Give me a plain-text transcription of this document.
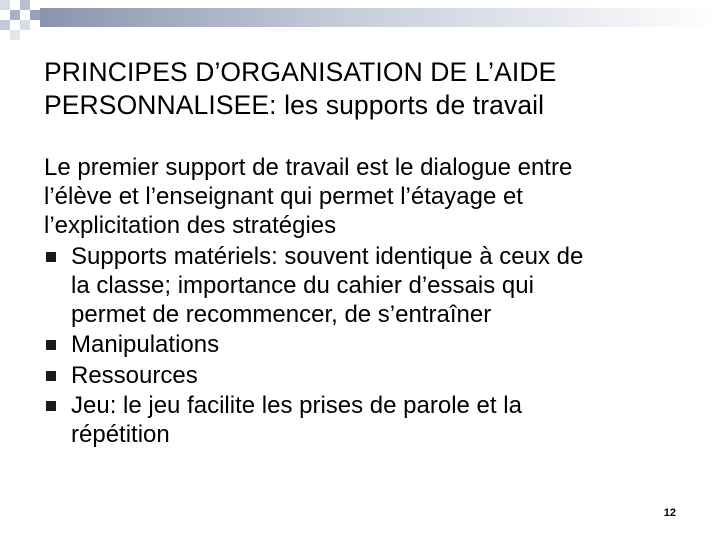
PRINCIPES D’ORGANISATION DE L’AIDE
PERSONNALISEE: les supports de travail

Le premier support de travail est le dialogue entre
l’élève et l’enseignant qui permet l’étayage et
l’explicitation des stratégies

Supports matériels: souvent identique à ceux de
la classe; importance du cahier d’essais qui
permet de recommencer, de s’entraîner
Manipulations
Ressources
Jeu: le jeu facilite les prises de parole et la
répétition
12
